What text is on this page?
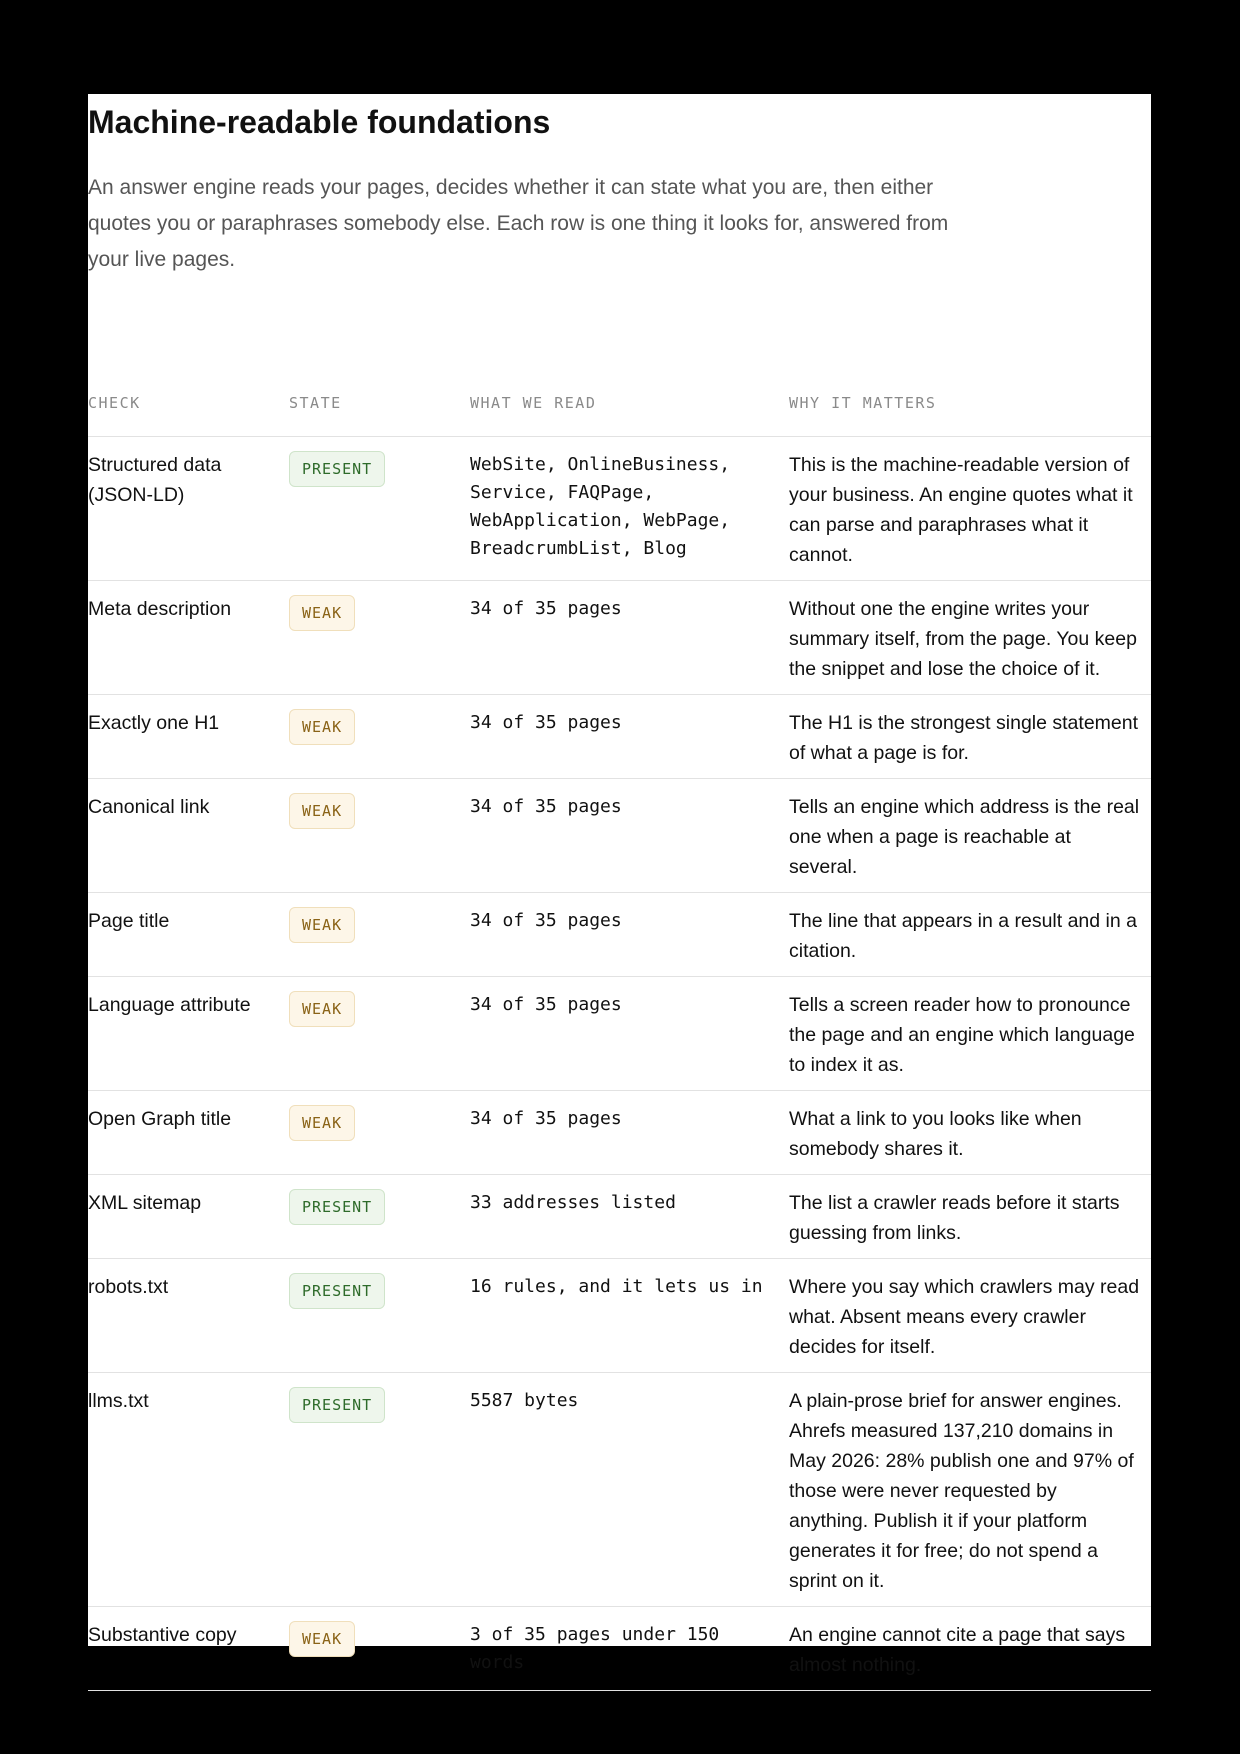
Machine-readable foundations

An answer engine reads your pages, decides whether it can state what you are, then either quotes you or paraphrases somebody else. Each row is one thing it looks for, answered from your live pages.

CHECK	STATE	WHAT WE READ	WHY IT MATTERS
Structured data (JSON-LD)	PRESENT	WebSite, OnlineBusiness, Service, FAQPage, WebApplication, WebPage, BreadcrumbList, Blog	This is the machine-readable version of your business. An engine quotes what it can parse and paraphrases what it cannot.
Meta description	WEAK	34 of 35 pages	Without one the engine writes your summary itself, from the page. You keep the snippet and lose the choice of it.
Exactly one H1	WEAK	34 of 35 pages	The H1 is the strongest single statement of what a page is for.
Canonical link	WEAK	34 of 35 pages	Tells an engine which address is the real one when a page is reachable at several.
Page title	WEAK	34 of 35 pages	The line that appears in a result and in a citation.
Language attribute	WEAK	34 of 35 pages	Tells a screen reader how to pronounce the page and an engine which language to index it as.
Open Graph title	WEAK	34 of 35 pages	What a link to you looks like when somebody shares it.
XML sitemap	PRESENT	33 addresses listed	The list a crawler reads before it starts guessing from links.
robots.txt	PRESENT	16 rules, and it lets us in	Where you say which crawlers may read what. Absent means every crawler decides for itself.
llms.txt	PRESENT	5587 bytes	A plain-prose brief for answer engines. Ahrefs measured 137,210 domains in May 2026: 28% publish one and 97% of those were never requested by anything. Publish it if your platform generates it for free; do not spend a sprint on it.
Substantive copy	WEAK	3 of 35 pages under 150 words	An engine cannot cite a page that says almost nothing.
